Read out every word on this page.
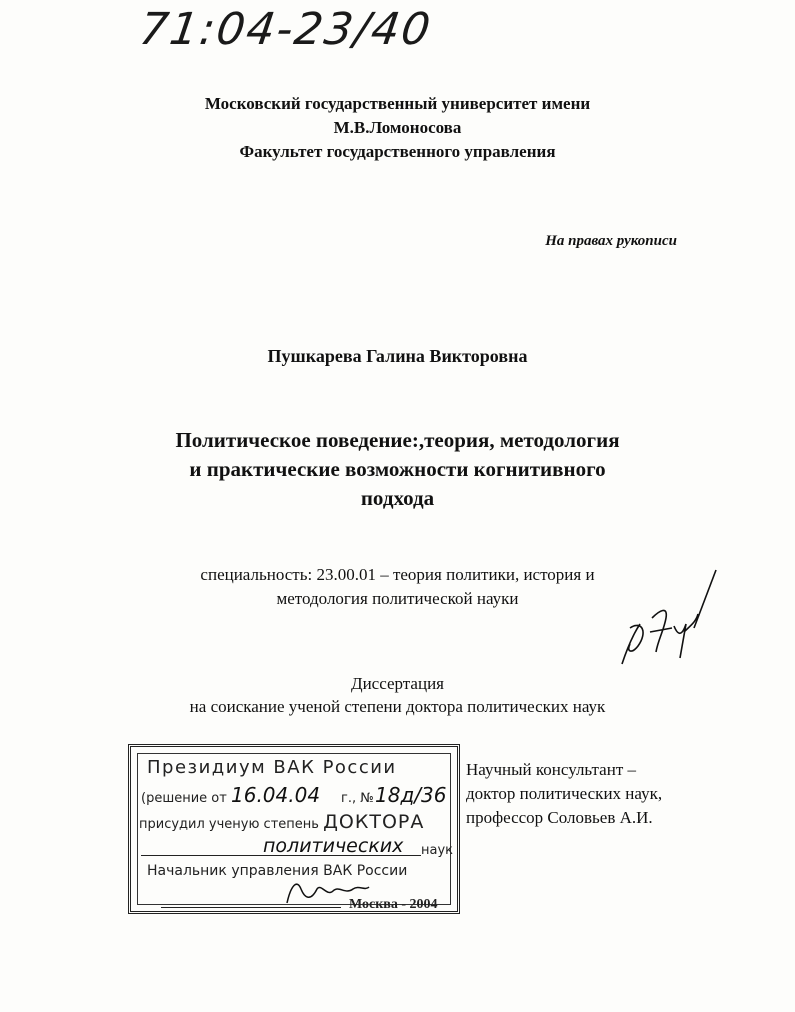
71:04-23/40
Московский государственный университет имени
М.В.Ломоносова
Факультет государственного управления
На правах рукописи
Пушкарева Галина Викторовна
Политическое поведение:,теория, методология
и практические возможности когнитивного
подхода
специальность: 23.00.01 – теория политики, история и
методология политической науки
Диссертация
на соискание ученой степени доктора политических наук
Президиум ВАК России
(решение от 16.04.04 г., № 18д/36
присудил ученую степень ДОКТОРА
политических наук
Начальник управления ВАК России
Москва - 2004
Научный консультант –
доктор политических наук,
профессор Соловьев А.И.
